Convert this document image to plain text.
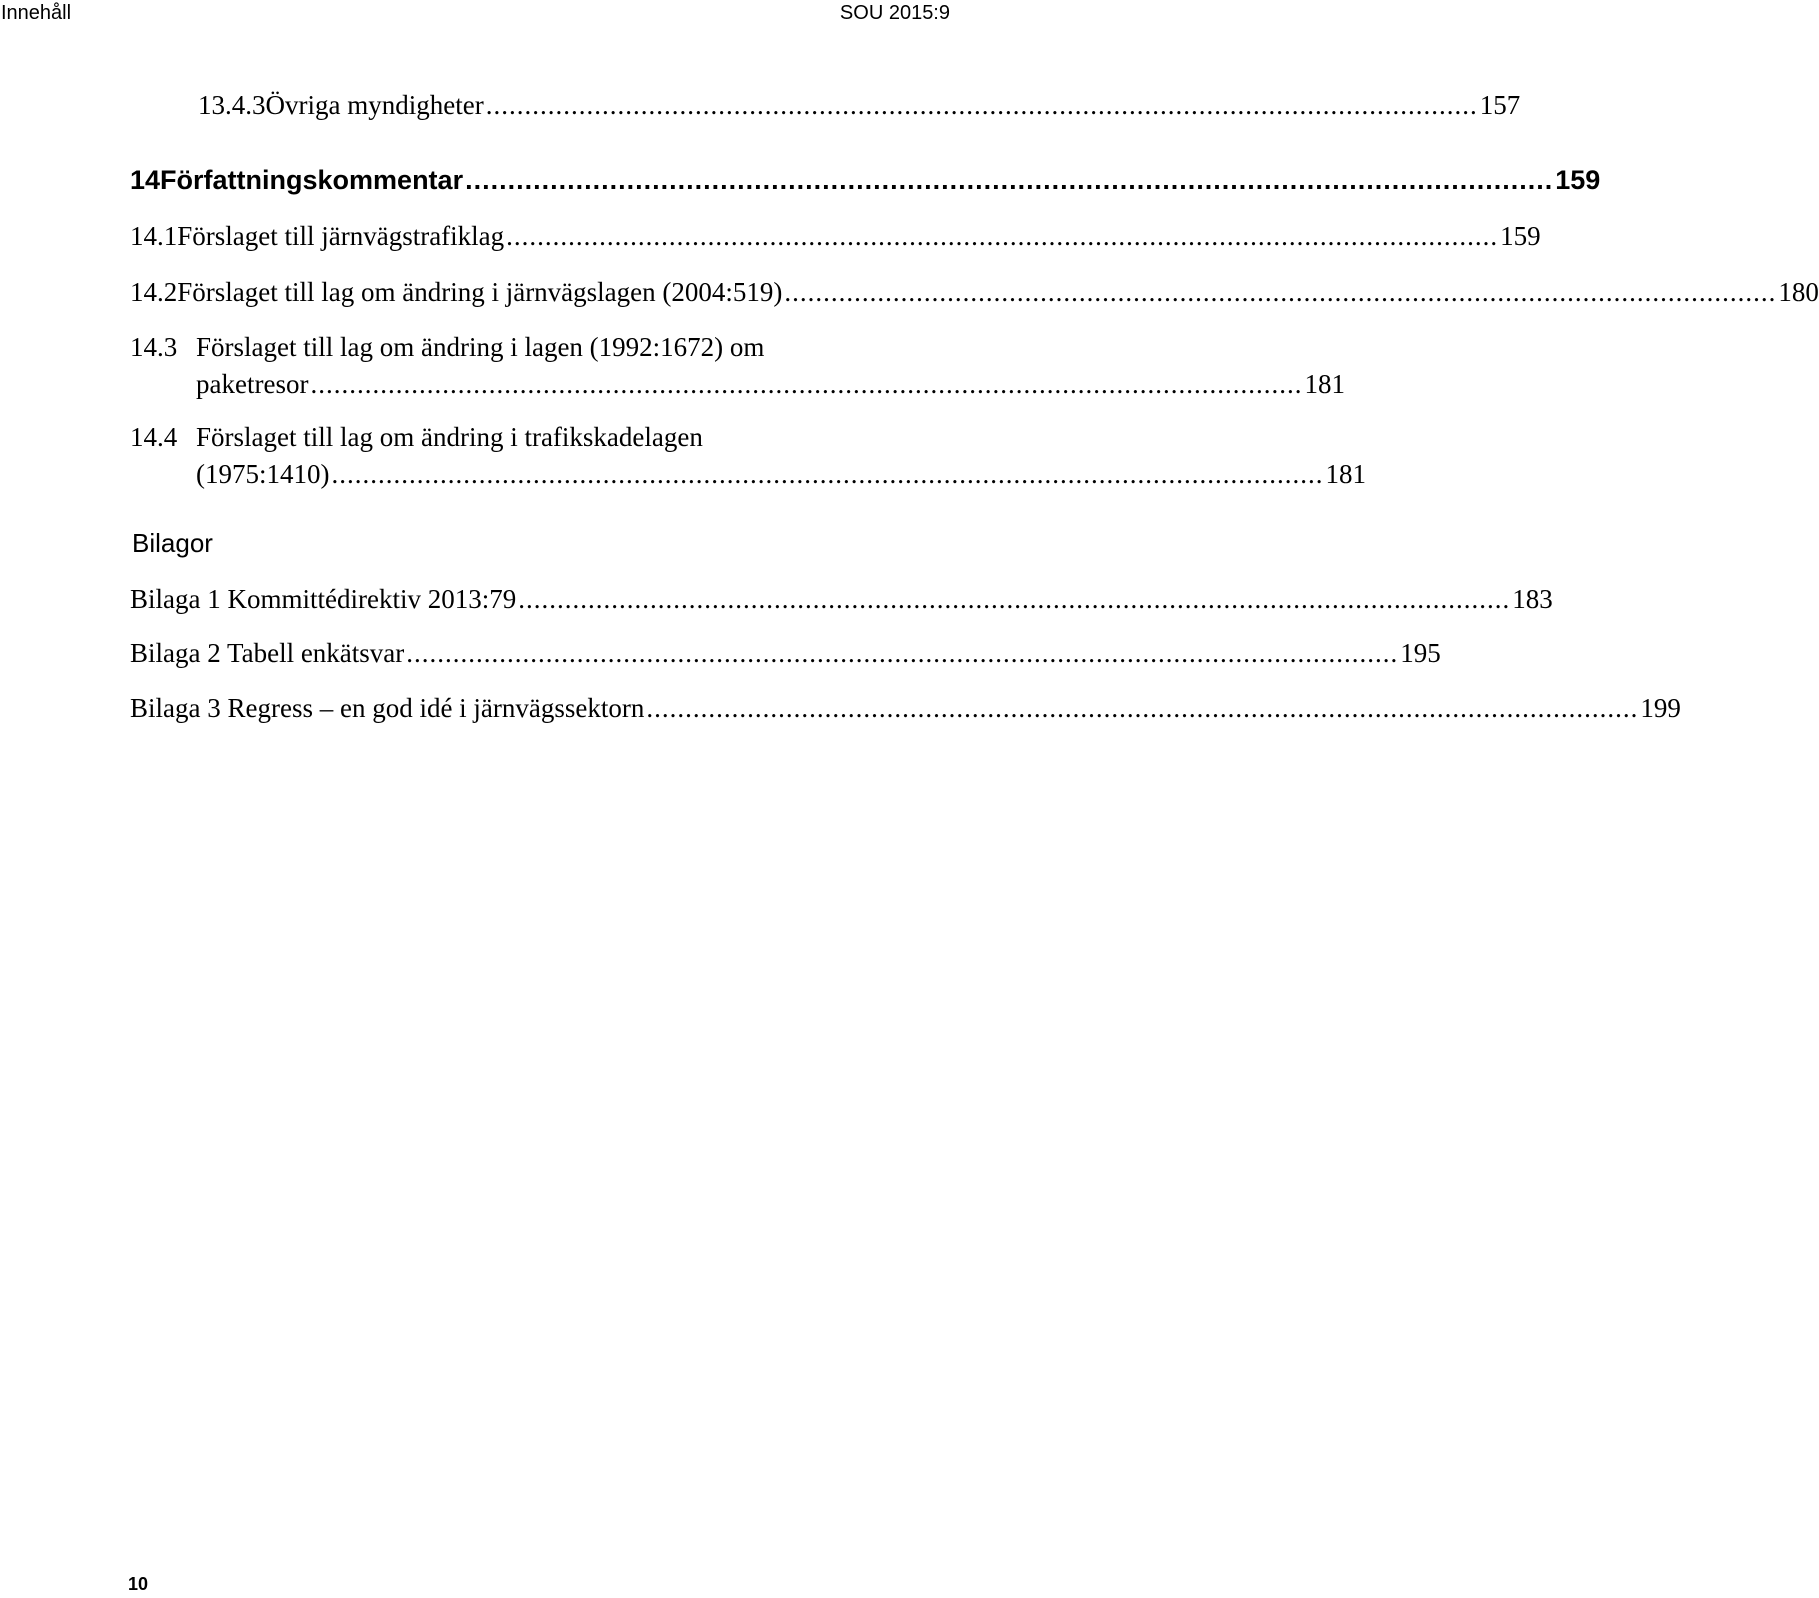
Innehåll	SOU 2015:9
13.4.3 Övriga myndigheter ................................................................................................................................ 157
14 Författningskommentar ................................................................................................................................ 159
14.1 Förslaget till järnvägstrafiklag ................................................................................................................................ 159
14.2 Förslaget till lag om ändring i järnvägslagen (2004:519) ................................................................................................................................ 180
14.3 Förslaget till lag om ändring i lagen (1992:1672) om
paketresor ................................................................................................................................ 181
14.4 Förslaget till lag om ändring i trafikskadelagen
(1975:1410) ................................................................................................................................ 181
Bilagor
Bilaga 1 Kommittédirektiv 2013:79 ................................................................................................................................ 183
Bilaga 2 Tabell enkätsvar ................................................................................................................................ 195
Bilaga 3 Regress – en god idé i järnvägssektorn ................................................................................................................................ 199
10
